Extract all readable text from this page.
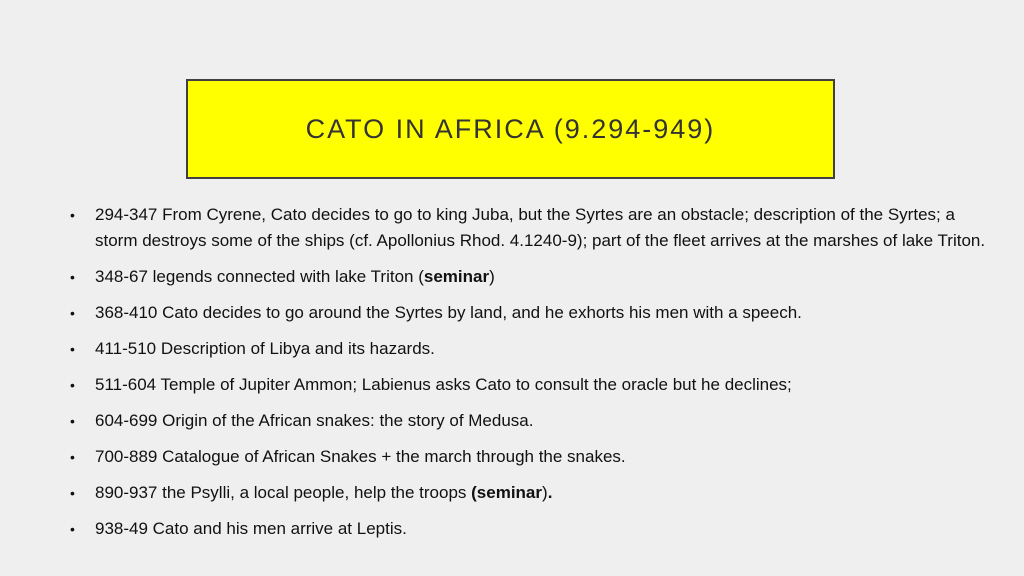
CATO IN AFRICA (9.294-949)
• 294-347 From Cyrene, Cato decides to go to king Juba, but the Syrtes are an obstacle; description of the Syrtes; a storm destroys some of the ships (cf. Apollonius Rhod. 4.1240-9); part of the fleet arrives at the marshes of lake Triton.
• 348-67 legends connected with lake Triton (seminar)
• 368-410 Cato decides to go around the Syrtes by land, and he exhorts his men with a speech.
• 411-510 Description of Libya and its hazards.
• 511-604 Temple of Jupiter Ammon; Labienus asks Cato to consult the oracle but he declines;
• 604-699 Origin of the African snakes: the story of Medusa.
• 700-889 Catalogue of African Snakes + the march through the snakes.
• 890-937 the Psylli, a local people, help the troops (seminar).
• 938-49 Cato and his men arrive at Leptis.
